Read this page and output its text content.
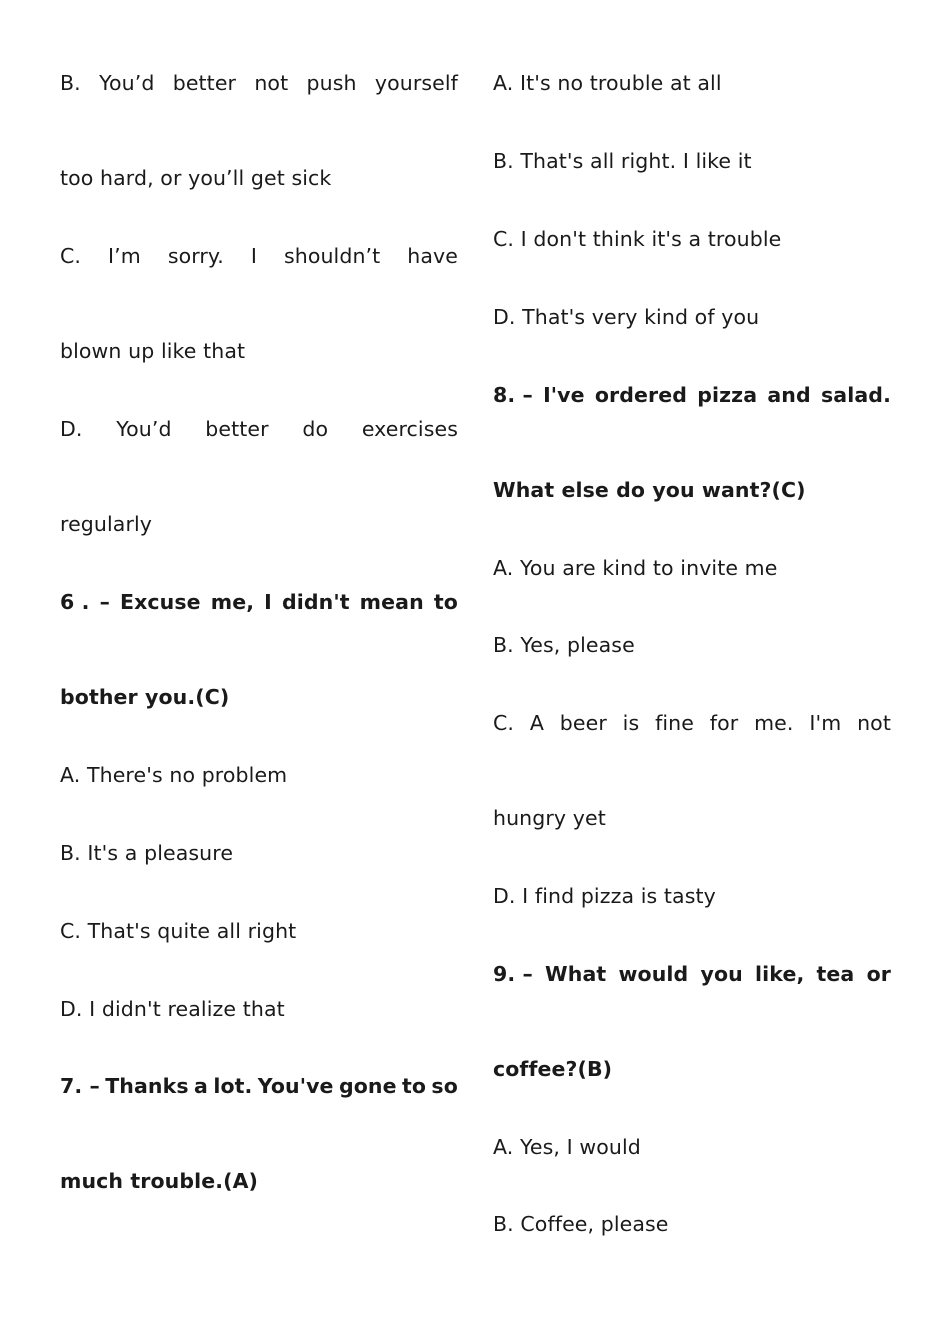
B. You’d better not push yourself
too hard, or you’ll get sick
C. I’m sorry. I shouldn’t have
blown up like that
D. You’d better do exercises
regularly
6 . – Excuse me, I didn't mean to
bother you.(C)
A. There's no problem
B. It's a pleasure
C. That's quite all right
D. I didn't realize that
7. – Thanks a lot. You've gone to so
much trouble.(A)
A. It's no trouble at all
B. That's all right. I like it
C. I don't think it's a trouble
D. That's very kind of you
8. – I've ordered pizza and salad.
What else do you want?(C)
A. You are kind to invite me
B. Yes, please
C. A beer is fine for me. I'm not
hungry yet
D. I find pizza is tasty
9. – What would you like, tea or
coffee?(B)
A. Yes, I would
B. Coffee, please
